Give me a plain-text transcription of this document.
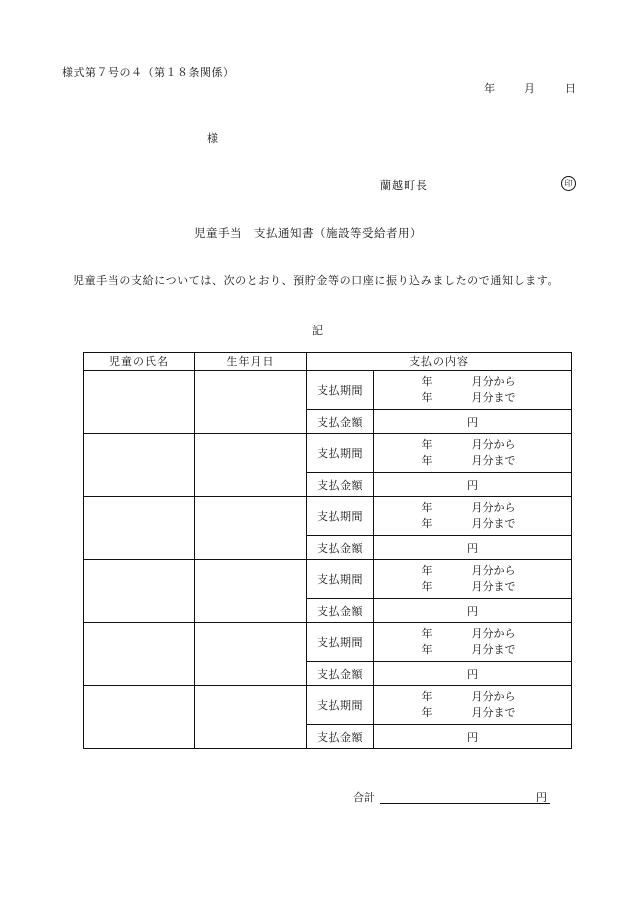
様式第７号の４（第１８条関係）
年	月	日
様
蘭越町長	印
児童手当　支払通知書（施設等受給者用）
児童手当の支給については、次のとおり、預貯金等の口座に振り込みましたので通知します。
記
児童の氏名	生年月日	支払の内容	
		支払期間	年 月分から
年 月分まで

		支払金額	円
		支払期間	年 月分から
年 月分まで

		支払金額	円
		支払期間	年 月分から
年 月分まで

		支払金額	円
		支払期間	年 月分から
年 月分まで

		支払金額	円
		支払期間	年 月分から
年 月分まで

		支払金額	円
		支払期間	年 月分から
年 月分まで

		支払金額	円
合計	円
